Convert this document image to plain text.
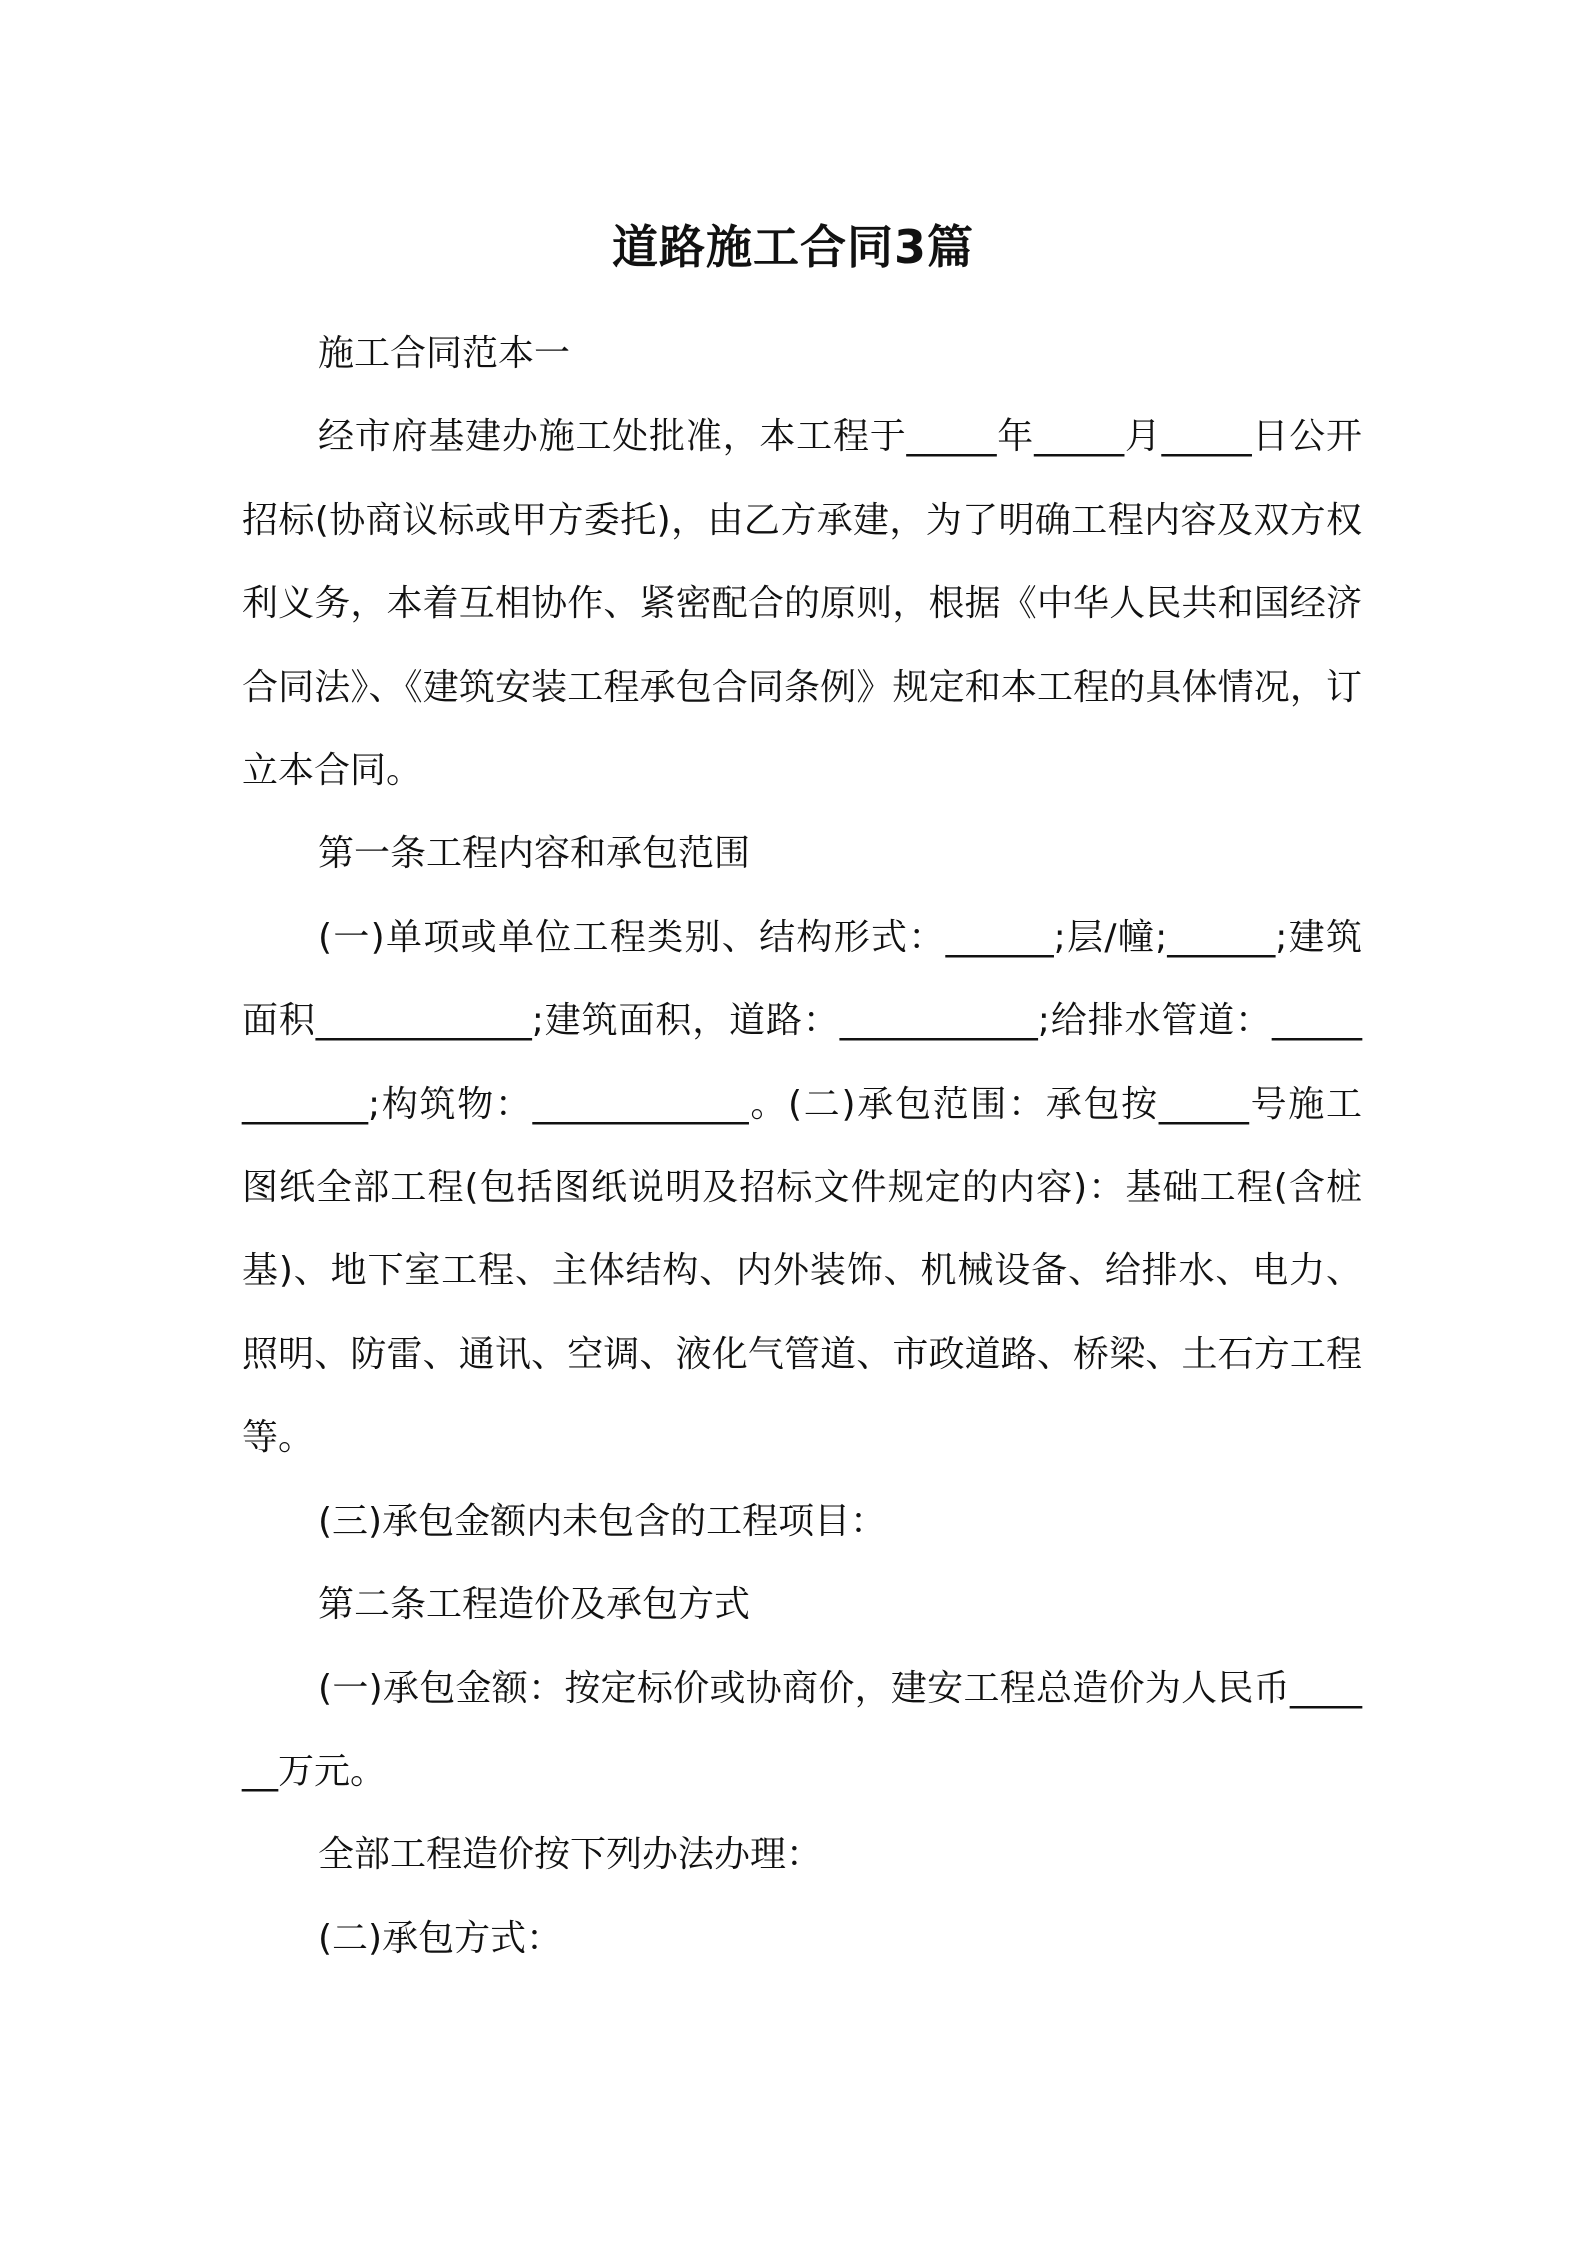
道路施工合同3篇

施工合同范本一

经市府基建办施工处批准，本工程于_____年_____月_____日公开招标(协商议标或甲方委托)，由乙方承建，为了明确工程内容及双方权利义务，本着互相协作、紧密配合的原则，根据《中华人民共和国经济合同法》、《建筑安装工程承包合同条例》规定和本工程的具体情况，订立本合同。

第一条工程内容和承包范围

(一)单项或单位工程类别、结构形式：______;层/幢;______;建筑面积____________;建筑面积，道路：___________;给排水管道：____________;构筑物：____________。(二)承包范围：承包按_____号施工图纸全部工程(包括图纸说明及招标文件规定的内容)：基础工程(含桩基)、地下室工程、主体结构、内外装饰、机械设备、给排水、电力、照明、防雷、通讯、空调、液化气管道、市政道路、桥梁、土石方工程等。

(三)承包金额内未包含的工程项目：

第二条工程造价及承包方式

(一)承包金额：按定标价或协商价，建安工程总造价为人民币______万元。

全部工程造价按下列办法办理：

(二)承包方式：
